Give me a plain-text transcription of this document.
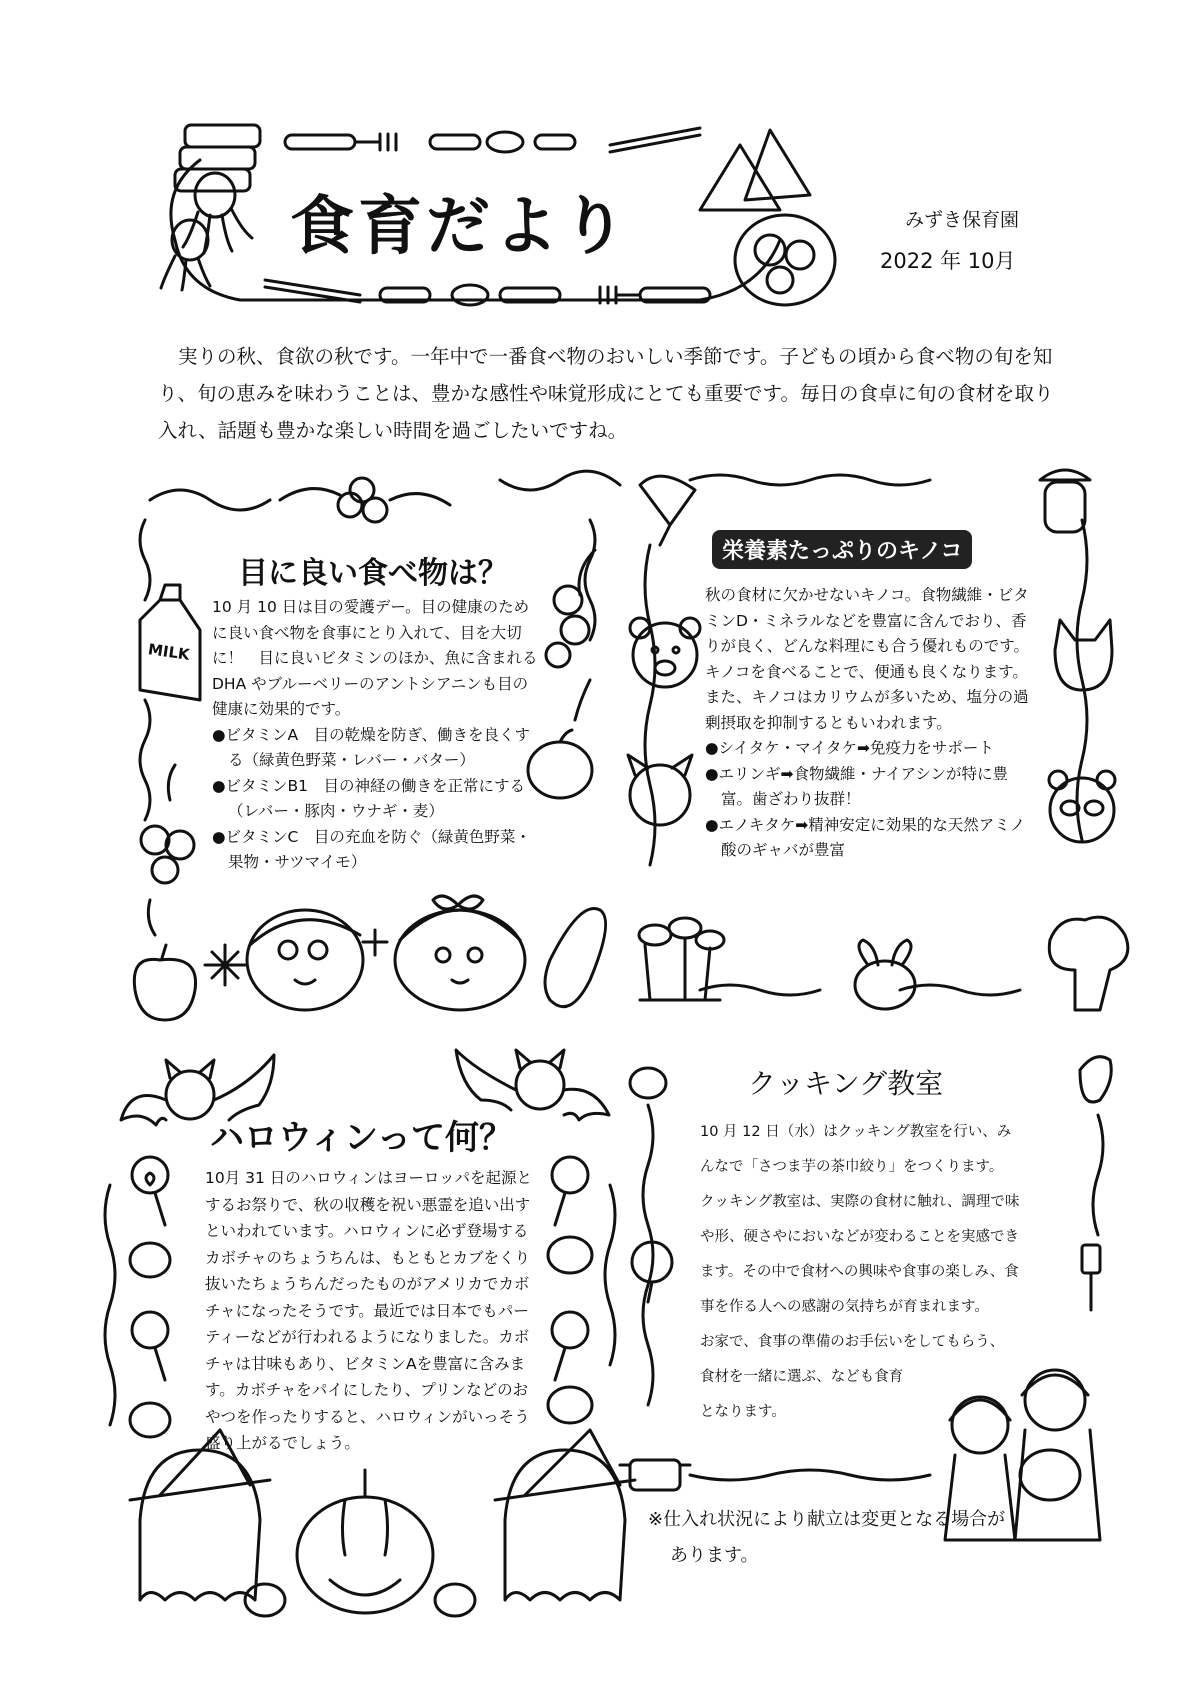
食育だより	みずき保育園
2022 年 10月
実りの秋、食欲の秋です。一年中で一番食べ物のおいしい季節です。子どもの頃から食べ物の旬を知り、旬の恵みを味わうことは、豊かな感性や味覚形成にとても重要です。毎日の食卓に旬の食材を取り入れ、話題も豊かな楽しい時間を過ごしたいですね。
MILK
目に良い食べ物は？
10 月 10 日は目の愛護デー。目の健康のために良い食べ物を食事にとり入れて、目を大切に！　目に良いビタミンのほか、魚に含まれる DHA やブルーベリーのアントシアニンも目の健康に効果的です。
●ビタミンA　目の乾燥を防ぎ、働きを良くする（緑黄色野菜・レバー・バター）
●ビタミンB1　目の神経の働きを正常にする（レバー・豚肉・ウナギ・麦）
●ビタミンC　目の充血を防ぐ（緑黄色野菜・果物・サツマイモ）
栄養素たっぷりのキノコ
秋の食材に欠かせないキノコ。食物繊維・ビタミンD・ミネラルなどを豊富に含んでおり、香りが良く、どんな料理にも合う優れものです。キノコを食べることで、便通も良くなります。また、キノコはカリウムが多いため、塩分の過剰摂取を抑制するともいわれます。
●シイタケ・マイタケ➡免疫力をサポート
●エリンギ➡食物繊維・ナイアシンが特に豊富。歯ざわり抜群！
●エノキタケ➡精神安定に効果的な天然アミノ酸のギャバが豊富
ハロウィンって何？
10月 31 日のハロウィンはヨーロッパを起源とするお祭りで、秋の収穫を祝い悪霊を追い出すといわれています。ハロウィンに必ず登場するカボチャのちょうちんは、もともとカブをくり抜いたちょうちんだったものがアメリカでカボチャになったそうです。最近では日本でもパーティーなどが行われるようになりました。カボチャは甘味もあり、ビタミンAを豊富に含みます。カボチャをパイにしたり、プリンなどのおやつを作ったりすると、ハロウィンがいっそう盛り上がるでしょう。
クッキング教室
10 月 12 日（水）はクッキング教室を行い、み
んなで「さつま芋の茶巾絞り」をつくります。
クッキング教室は、実際の食材に触れ、調理で味
や形、硬さやにおいなどが変わることを実感でき
ます。その中で食材への興味や食事の楽しみ、食
事を作る人への感謝の気持ちが育まれます。
お家で、食事の準備のお手伝いをしてもらう、
食材を一緒に選ぶ、なども食育
となります。
※仕入れ状況により献立は変更となる場合が
あります。
